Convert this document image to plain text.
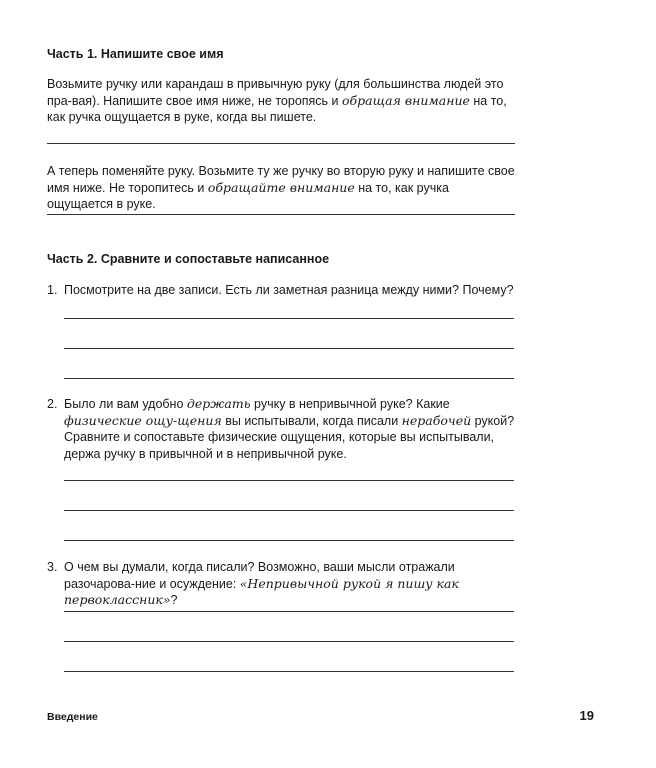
Часть 1. Напишите свое имя
Возьмите ручку или карандаш в привычную руку (для большинства людей это пра-вая). Напишите свое имя ниже, не торопясь и обращая внимание на то, как ручка ощущается в руке, когда вы пишете.
А теперь поменяйте руку. Возьмите ту же ручку во вторую руку и напишите свое имя ниже. Не торопитесь и обращайте внимание на то, как ручка ощущается в руке.
Часть 2. Сравните и сопоставьте написанное
1. Посмотрите на две записи. Есть ли заметная разница между ними? Почему?
2. Было ли вам удобно держать ручку в непривычной руке? Какие физические ощу-щения вы испытывали, когда писали нерабочей рукой? Сравните и сопоставьте физические ощущения, которые вы испытывали, держа ручку в привычной и в непривычной руке.
3. О чем вы думали, когда писали? Возможно, ваши мысли отражали разочарова-ние и осуждение: «Непривычной рукой я пишу как первоклассник»?
Введение	19
